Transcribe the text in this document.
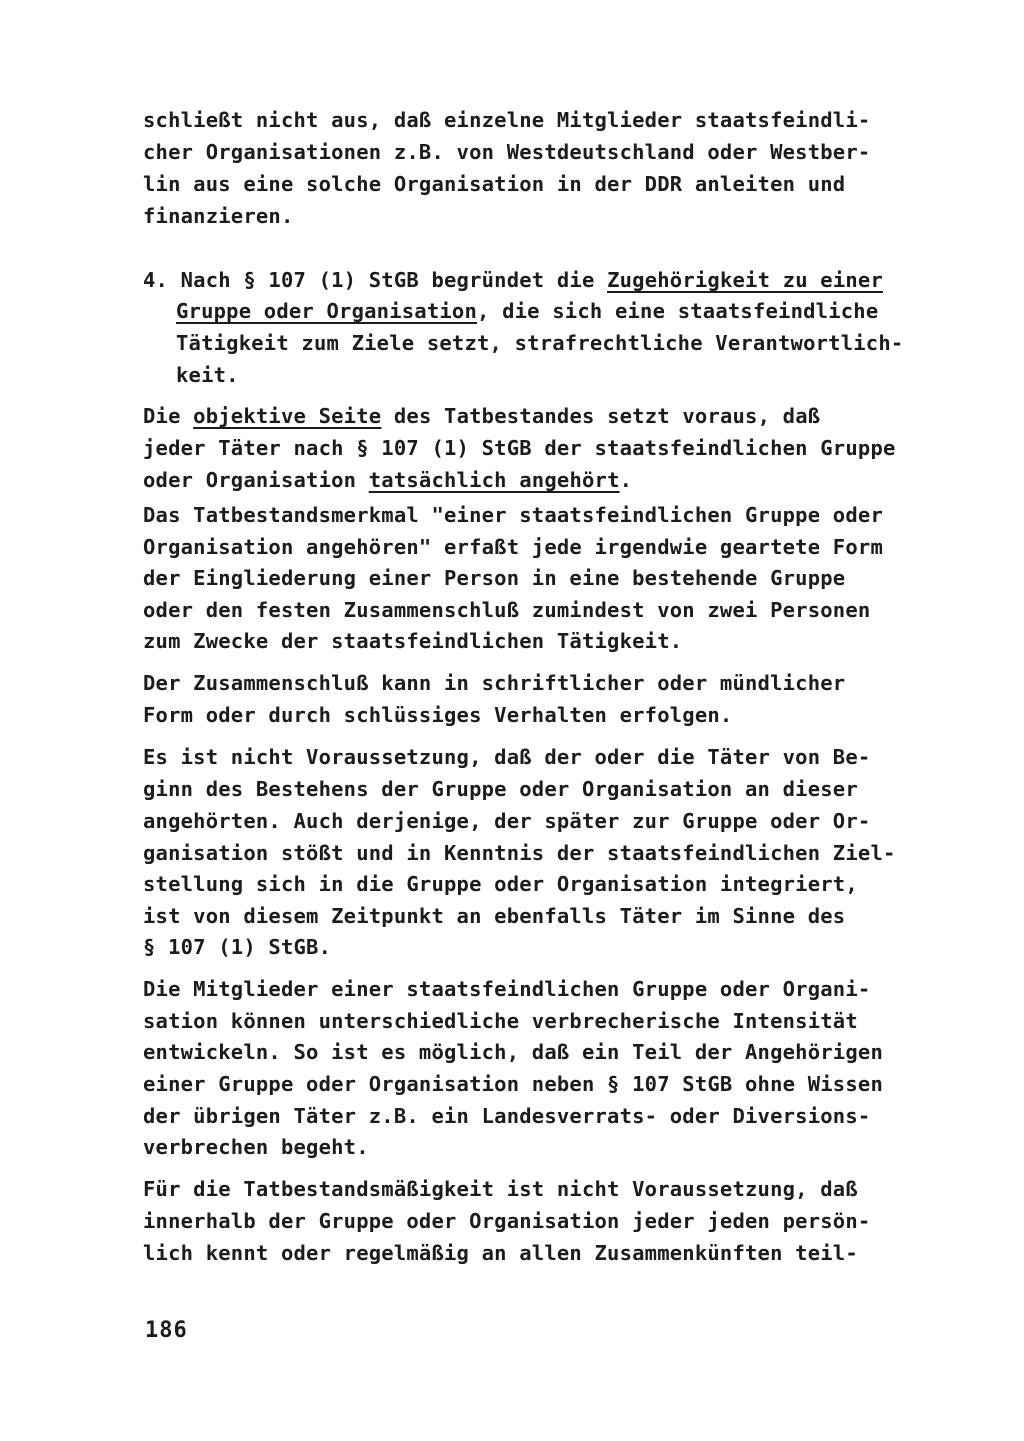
schließt nicht aus, daß einzelne Mitglieder staatsfeindli-
cher Organisationen z.B. von Westdeutschland oder Westber-
lin aus eine solche Organisation in der DDR anleiten und
finanzieren.
4. Nach § 107 (1) StGB begründet die Zugehörigkeit zu einer
Gruppe oder Organisation , die sich eine staatsfeindliche
Tätigkeit zum Ziele setzt, strafrechtliche Verantwortlich-
keit.
Die objektive Seite des Tatbestandes setzt voraus, daß
jeder Täter nach § 107 (1) StGB der staatsfeindlichen Gruppe
oder Organisation tatsächlich angehört .
Das Tatbestandsmerkmal "einer staatsfeindlichen Gruppe oder
Organisation angehören" erfaßt jede irgendwie geartete Form
der Eingliederung einer Person in eine bestehende Gruppe
oder den festen Zusammenschluß zumindest von zwei Personen
zum Zwecke der staatsfeindlichen Tätigkeit.
Der Zusammenschluß kann in schriftlicher oder mündlicher
Form oder durch schlüssiges Verhalten erfolgen.
Es ist nicht Voraussetzung, daß der oder die Täter von Be-
ginn des Bestehens der Gruppe oder Organisation an dieser
angehörten. Auch derjenige, der später zur Gruppe oder Or-
ganisation stößt und in Kenntnis der staatsfeindlichen Ziel-
stellung sich in die Gruppe oder Organisation integriert,
ist von diesem Zeitpunkt an ebenfalls Täter im Sinne des
§ 107 (1) StGB.
Die Mitglieder einer staatsfeindlichen Gruppe oder Organi-
sation können unterschiedliche verbrecherische Intensität
entwickeln. So ist es möglich, daß ein Teil der Angehörigen
einer Gruppe oder Organisation neben § 107 StGB ohne Wissen
der übrigen Täter z.B. ein Landesverrats- oder Diversions-
verbrechen begeht.
Für die Tatbestandsmäßigkeit ist nicht Voraussetzung, daß
innerhalb der Gruppe oder Organisation jeder jeden persön-
lich kennt oder regelmäßig an allen Zusammenkünften teil-
186
